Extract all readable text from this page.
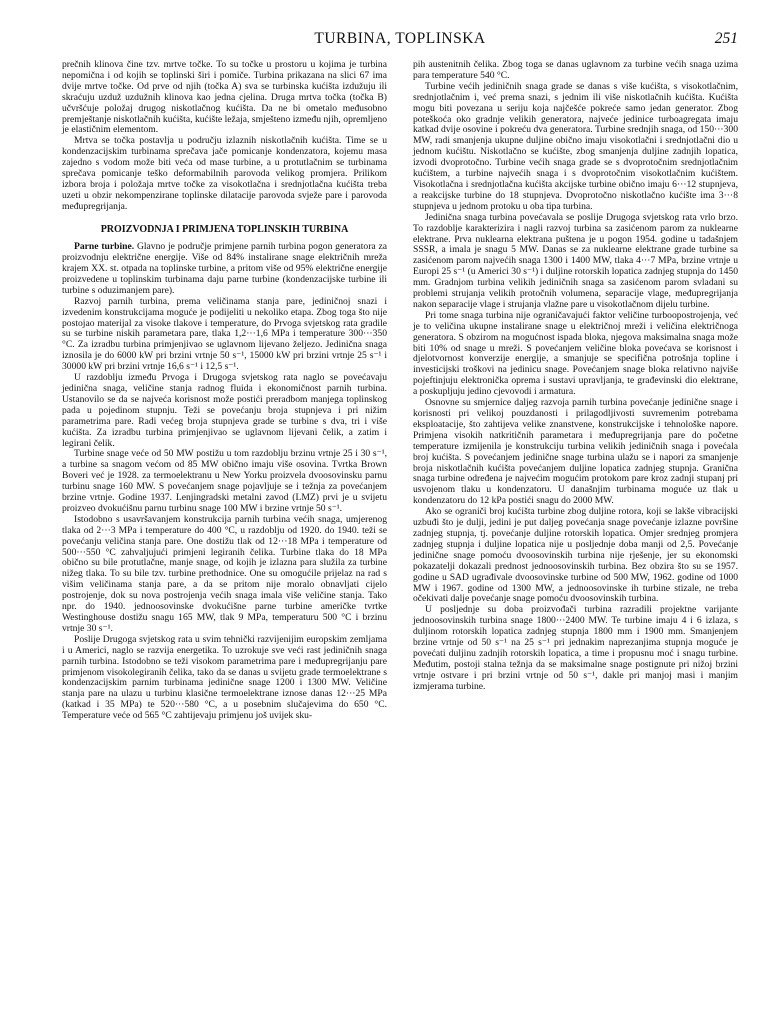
TURBINA, TOPLINSKA	251

prečnih klinova čine tzv. mrtve točke. To su točke u prostoru u kojima je turbina nepomična i od kojih se toplinski širi i pomiče. Turbina prikazana na slici 67 ima dvije mrtve točke. Od prve od njih (točka A) sva se turbinska kućišta izdužuju ili skraćuju uzduž uzdužnih klinova kao jedna cjelina. Druga mrtva točka (točka B) učvršćuje položaj drugog niskotlačnog kućišta. Da ne bi ometalo međusobno premještanje niskotlačnih kućišta, kućište ležaja, smješteno između njih, opremljeno je elastičnim elementom.

Mrtva se točka postavlja u području izlaznih niskotlačnih kućišta. Time se u kondenzacijskim turbinama sprečava jače pomicanje kondenzatora, kojemu masa zajedno s vodom može biti veća od mase turbine, a u protutlačnim se turbinama sprečava pomicanje teško deformabilnih parovoda velikog promjera. Prilikom izbora broja i položaja mrtve točke za visokotlačna i srednjotlačna kućišta treba uzeti u obzir nekompenzirane toplinske dilatacije parovoda svježe pare i parovoda međupregrijanja.

PROIZVODNJA I PRIMJENA TOPLINSKIH TURBINA

Parne turbine. Glavno je područje primjene parnih turbina pogon generatora za proizvodnju električne energije. Više od 84% instalirane snage električnih mreža krajem XX. st. otpada na toplinske turbine, a pritom više od 95% električne energije proizvedene u toplinskim turbinama daju parne turbine (kondenzacijske turbine ili turbine s oduzimanjem pare).

Razvoj parnih turbina, prema veličinama stanja pare, jediničnoj snazi i izvedenim konstrukcijama moguće je podijeliti u nekoliko etapa. Zbog toga što nije postojao materijal za visoke tlakove i temperature, do Prvoga svjetskog rata gradile su se turbine niskih parametara pare, tlaka 1,2···1,6 MPa i temperature 300···350 °C. Za izradbu turbina primjenjivao se uglavnom lijevano željezo. Jedinična snaga iznosila je do 6000 kW pri brzini vrtnje 50 s⁻¹, 15000 kW pri brzini vrtnje 25 s⁻¹ i 30000 kW pri brzini vrtnje 16,6 s⁻¹ i 12,5 s⁻¹.

U razdoblju između Prvoga i Drugoga svjetskog rata naglo se povećavaju jedinična snaga, veličine stanja radnog fluida i ekonomičnost parnih turbina. Ustanovilo se da se najveća korisnost može postići preradbom manjega toplinskog pada u pojedinom stupnju. Teži se povećanju broja stupnjeva i pri nižim parametrima pare. Radi većeg broja stupnjeva grade se turbine s dva, tri i više kućišta. Za izradbu turbina primjenjivao se uglavnom lijevani čelik, a zatim i legirani čelik.

Turbine snage veće od 50 MW postižu u tom razdoblju brzinu vrtnje 25 i 30 s⁻¹, a turbine sa snagom većom od 85 MW obično imaju više osovina. Tvrtka Brown Boveri već je 1928. za termoelektranu u New Yorku proizvela dvoosovinsku parnu turbinu snage 160 MW. S povećanjem snage pojavljuje se i težnja za povećanjem brzine vrtnje. Godine 1937. Lenjingradski metalni zavod (LMZ) prvi je u svijetu proizveo dvokućišnu parnu turbinu snage 100 MW i brzine vrtnje 50 s⁻¹.

Istodobno s usavršavanjem konstrukcija parnih turbina većih snaga, umjerenog tlaka od 2···3 MPa i temperature do 400 °C, u razdoblju od 1920. do 1940. teži se povećanju veličina stanja pare. One dostižu tlak od 12···18 MPa i temperature od 500···550 °C zahvaljujući primjeni legiranih čelika. Turbine tlaka do 18 MPa obično su bile protutlačne, manje snage, od kojih je izlazna para služila za turbine nižeg tlaka. To su bile tzv. turbine prethodnice. One su omogućile prijelaz na rad s višim veličinama stanja pare, a da se pritom nije moralo obnavljati cijelo postrojenje, dok su nova postrojenja većih snaga imala više veličine stanja. Tako npr. do 1940. jednoosovinske dvokućišne parne turbine američke tvrtke Westinghouse dostižu snagu 165 MW, tlak 9 MPa, temperaturu 500 °C i brzinu vrtnje 30 s⁻¹.

Poslije Drugoga svjetskog rata u svim tehnički razvijenijim europskim zemljama i u Americi, naglo se razvija energetika. To uzrokuje sve veći rast jediničnih snaga parnih turbina. Istodobno se teži visokom parametrima pare i međupregrijanju pare primjenom visokolegiranih čelika, tako da se danas u svijetu grade termoelektrane s kondenzacijskim parnim turbinama jedinične snage 1200 i 1300 MW. Veličine stanja pare na ulazu u turbinu klasične termoelektrane iznose danas 12···25 MPa (katkad i 35 MPa) te 520···580 °C, a u posebnim slučajevima do 650 °C. Temperature veće od 565 °C zahtijevaju primjenu još uvijek sku-

pih austenitnih čelika. Zbog toga se danas uglavnom za turbine većih snaga uzima para temperature 540 °C.

Turbine većih jediničnih snaga grade se danas s više kućišta, s visokotlačnim, srednjotlačnim i, već prema snazi, s jednim ili više niskotlačnih kućišta. Kućišta mogu biti povezana u seriju koja najčešće pokreće samo jedan generator. Zbog poteškoća oko gradnje velikih generatora, najveće jedinice turboagregata imaju katkad dvije osovine i pokreću dva generatora. Turbine srednjih snaga, od 150···300 MW, radi smanjenja ukupne duljine obično imaju visokotlačni i srednjotlačni dio u jednom kućištu. Niskotlačno se kućište, zbog smanjenja duljine zadnjih lopatica, izvodi dvoprotočno. Turbine većih snaga grade se s dvoprotočnim srednjotlačnim kućištem, a turbine najvećih snaga i s dvoprotočnim visokotlačnim kućištem. Visokotlačna i srednjotlačna kućišta akcijske turbine obično imaju 6···12 stupnjeva, a reakcijske turbine do 18 stupnjeva. Dvoprotočno niskotlačno kućište ima 3···8 stupnjeva u jednom protoku u oba tipa turbina.

Jedinična snaga turbina povećavala se poslije Drugoga svjetskog rata vrlo brzo. To razdoblje karakterizira i nagli razvoj turbina sa zasićenom parom za nuklearne elektrane. Prva nuklearna elektrana puštena je u pogon 1954. godine u tadašnjem SSSR, a imala je snagu 5 MW. Danas se za nuklearne elektrane grade turbine sa zasićenom parom najvećih snaga 1300 i 1400 MW, tlaka 4···7 MPa, brzine vrtnje u Europi 25 s⁻¹ (u Americi 30 s⁻¹) i duljine rotorskih lopatica zadnjeg stupnja do 1450 mm. Gradnjom turbina velikih jediničnih snaga sa zasićenom parom svladani su problemi strujanja velikih protočnih volumena, separacije vlage, međupregrijanja nakon separacije vlage i strujanja vlažne pare u visokotlačnom dijelu turbine.

Pri tome snaga turbina nije ograničavajući faktor veličine turboopostrojenja, već je to veličina ukupne instalirane snage u električnoj mreži i veličina električnoga generatora. S obzirom na mogućnost ispada bloka, njegova maksimalna snaga može biti 10% od snage u mreži. S povećanjem veličine bloka povećava se korisnost i djelotvornost konverzije energije, a smanjuje se specifična potrošnja topline i investicijski troškovi na jedinicu snage. Povećanjem snage bloka relativno najviše pojeftinjuju elektronička oprema i sustavi upravljanja, te građevinski dio elektrane, a poskupljuju jedino cjevovodi i armatura.

Osnovne su smjernice daljeg razvoja parnih turbina povećanje jedinične snage i korisnosti pri velikoj pouzdanosti i prilagodljivosti suvremenim potrebama eksploatacije, što zahtijeva velike znanstvene, konstrukcijske i tehnološke napore. Primjena visokih natkritičnih parametara i međupregrijanja pare do početne temperature izmijenila je konstrukciju turbina velikih jediničnih snaga i povećala broj kućišta. S povećanjem jedinične snage turbina ulažu se i napori za smanjenje broja niskotlačnih kućišta povećanjem duljine lopatica zadnjeg stupnja. Granična snaga turbine određena je najvećim mogućim protokom pare kroz zadnji stupanj pri usvojenom tlaku u kondenzatoru. U današnjim turbinama moguće uz tlak u kondenzatoru do 12 kPa postići snagu do 2000 MW.

Ako se ograniči broj kućišta turbine zbog duljine rotora, koji se lakše vibracijski uzbuđi što je dulji, jedini je put daljeg povećanja snage povećanje izlazne površine zadnjeg stupnja, tj. povećanje duljine rotorskih lopatica. Omjer srednjeg promjera zadnjeg stupnja i duljine lopatica nije u posljednje doba manji od 2,5. Povećanje jedinične snage pomoću dvoosovinskih turbina nije rješenje, jer su ekonomski pokazatelji dokazali prednost jednoosovinskih turbina. Bez obzira što su se 1957. godine u SAD ugrađivale dvoosovinske turbine od 500 MW, 1962. godine od 1000 MW i 1967. godine od 1300 MW, a jednoosovinske ih turbine stizale, ne treba očekivati dalje povećanje snage pomoću dvoosovinskih turbina.

U posljednje su doba proizvođači turbina razradili projektne varijante jednoosovinskih turbina snage 1800···2400 MW. Te turbine imaju 4 i 6 izlaza, s duljinom rotorskih lopatica zadnjeg stupnja 1800 mm i 1900 mm. Smanjenjem brzine vrtnje od 50 s⁻¹ na 25 s⁻¹ pri jednakim naprezanjima stupnja moguće je povećati duljinu zadnjih rotorskih lopatica, a time i propusnu moć i snagu turbine. Međutim, postoji stalna težnja da se maksimalne snage postignute pri nižoj brzini vrtnje ostvare i pri brzini vrtnje od 50 s⁻¹, dakle pri manjoj masi i manjim izmjerama turbine.
